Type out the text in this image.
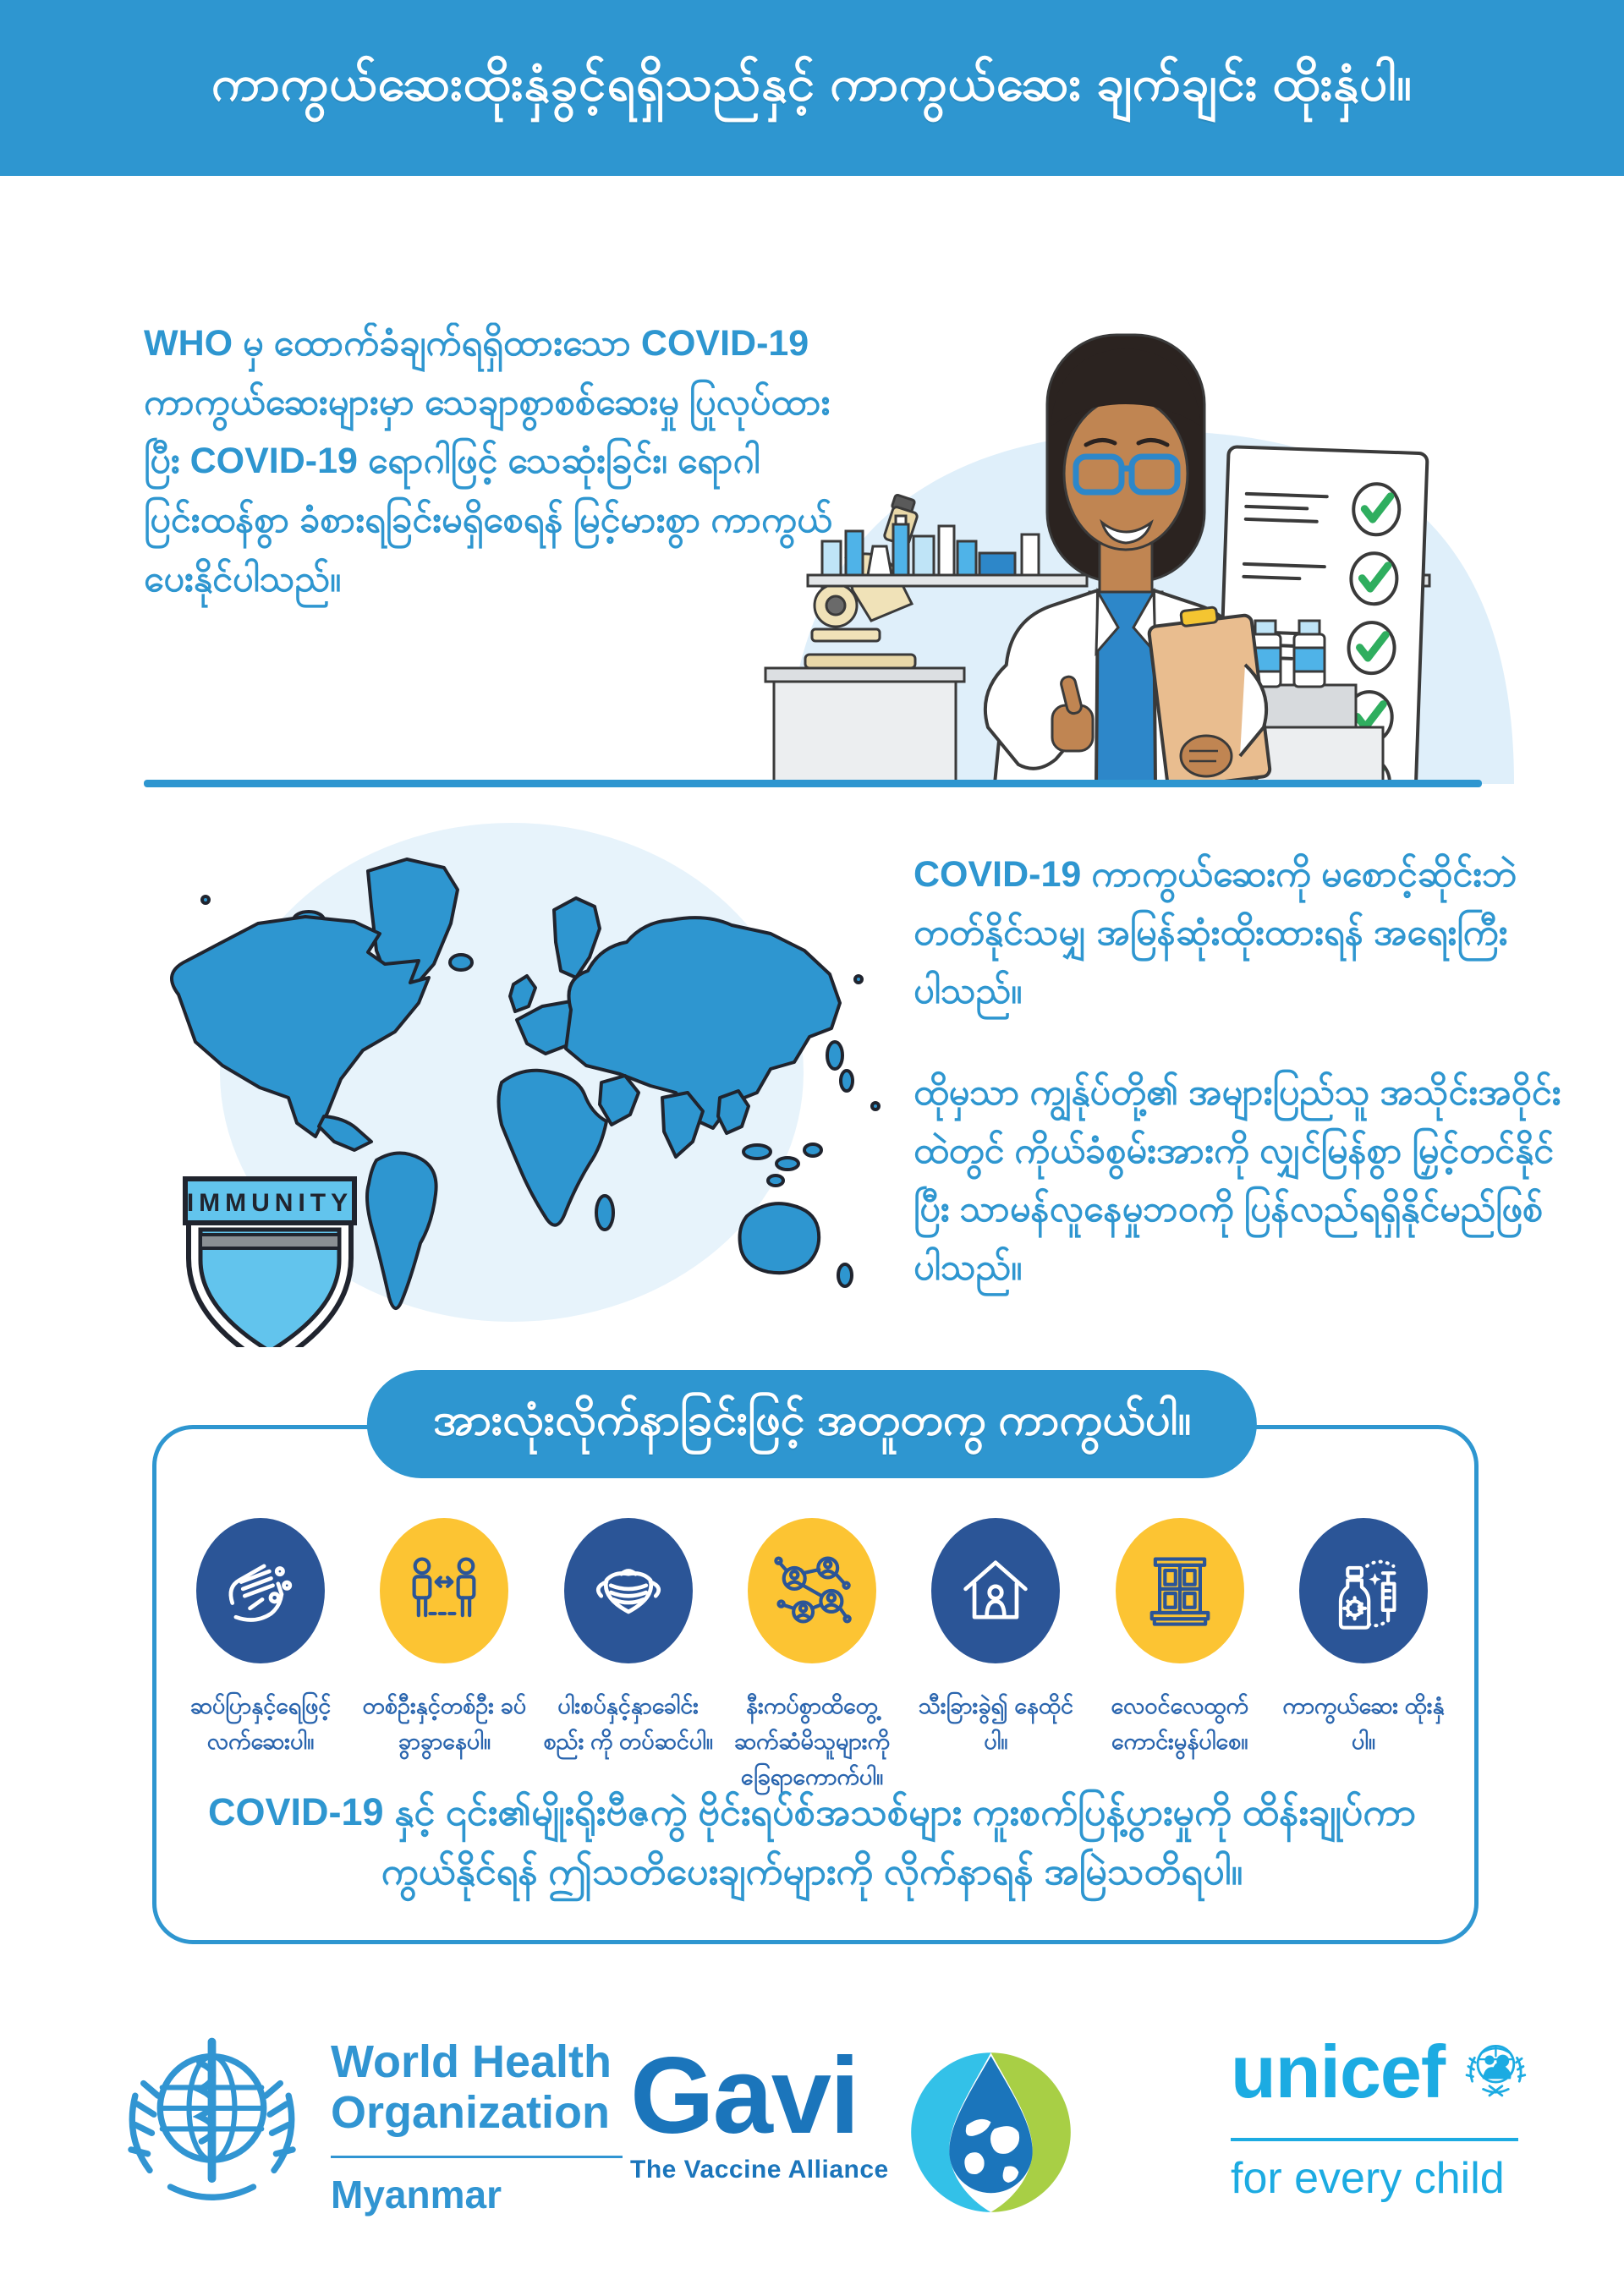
ကာကွယ်ဆေးထိုးနှံခွင့်ရရှိသည်နှင့် ကာကွယ်ဆေး ချက်ချင်း ထိုးနှံပါ။
WHO မှ ထောက်ခံချက်ရရှိထားသော COVID-19 ကာကွယ်ဆေးများမှာ သေချာစွာစစ်ဆေးမှု ပြုလုပ်ထားပြီး COVID-19 ရောဂါဖြင့် သေဆုံးခြင်း၊ ရောဂါပြင်းထန်စွာ ခံစားရခြင်းမရှိစေရန် မြင့်မားစွာ ကာကွယ်ပေးနိုင်ပါသည်။
IMMUNITY
COVID-19 ကာကွယ်ဆေးကို မစောင့်ဆိုင်းဘဲ တတ်နိုင်သမျှ အမြန်ဆုံးထိုးထားရန် အရေးကြီးပါသည်။
ထိုမှသာ ကျွန်ုပ်တို့၏ အများပြည်သူ အသိုင်းအဝိုင်းထဲတွင် ကိုယ်ခံစွမ်းအားကို လျှင်မြန်စွာ မြှင့်တင်နိုင်ပြီး သာမန်လူနေမှုဘဝကို ပြန်လည်ရရှိနိုင်မည်ဖြစ်ပါသည်။
အားလုံးလိုက်နာခြင်းဖြင့် အတူတကွ ကာကွယ်ပါ။
ဆပ်ပြာနှင့်ရေဖြင့် လက်ဆေးပါ။
တစ်ဦးနှင့်တစ်ဦး ခပ်ခွာခွာနေပါ။
ပါးစပ်နှင့်နှာခေါင်းစည်း ကို တပ်ဆင်ပါ။
နီးကပ်စွာထိတွေ့ ဆက်ဆံမိသူများကို ခြေရာကောက်ပါ။
သီးခြားခွဲ၍ နေထိုင်ပါ။
လေဝင်လေထွက် ကောင်းမွန်ပါစေ။
ကာကွယ်ဆေး ထိုးနှံပါ။
COVID-19 နှင့် ၎င်း၏မျိုးရိုးဗီဇကွဲ ဗိုင်းရပ်စ်အသစ်များ ကူးစက်ပြန့်ပွားမှုကို ထိန်းချုပ်ကာကွယ်နိုင်ရန် ဤသတိပေးချက်များကို လိုက်နာရန် အမြဲသတိရပါ။
World Health
Organization
Myanmar
Gavi
The Vaccine Alliance
unicef
for every child
